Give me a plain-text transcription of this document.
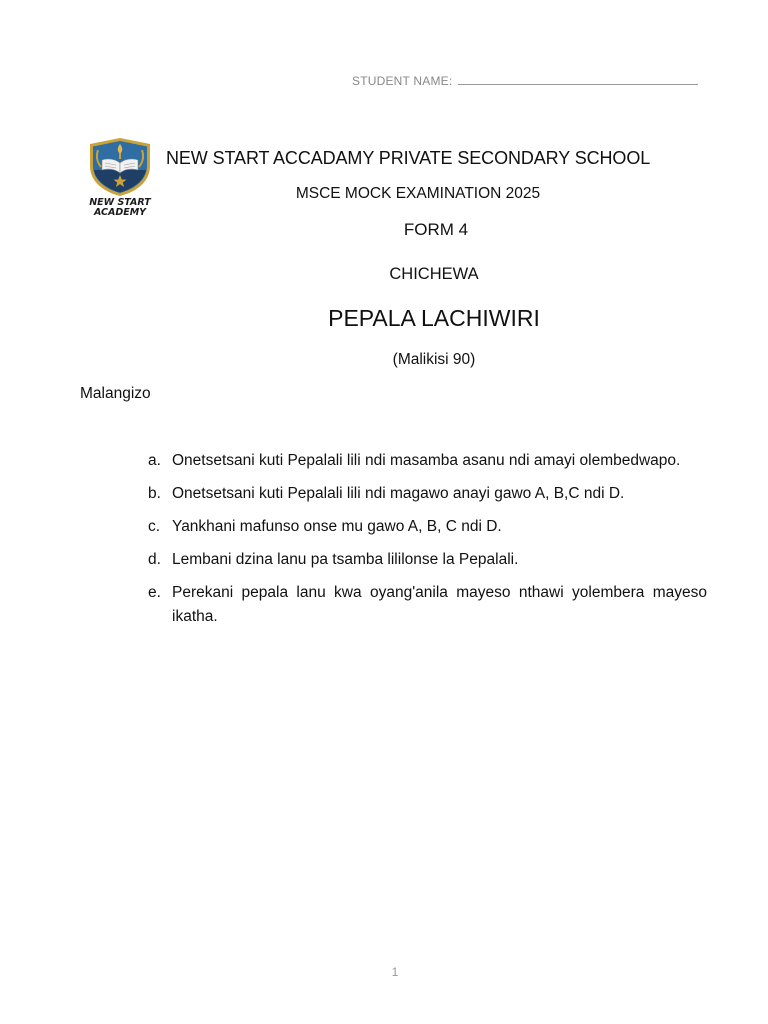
STUDENT NAME:
NEW START
ACADEMY
NEW START ACCADAMY PRIVATE SECONDARY SCHOOL
MSCE MOCK EXAMINATION 2025
FORM 4
CHICHEWA
PEPALA LACHIWIRI
(Malikisi 90)
Malangizo
a. Onetsetsani kuti Pepalali lili ndi masamba asanu ndi amayi olembedwapo.
b. Onetsetsani kuti Pepalali lili ndi magawo anayi gawo A, B,C ndi D.
c. Yankhani mafunso onse mu gawo A, B, C ndi D.
d. Lembani dzina lanu pa tsamba lililonse la Pepalali.
e. Perekani pepala lanu kwa oyang'anila mayeso nthawi yolembera mayeso ikatha.
1
